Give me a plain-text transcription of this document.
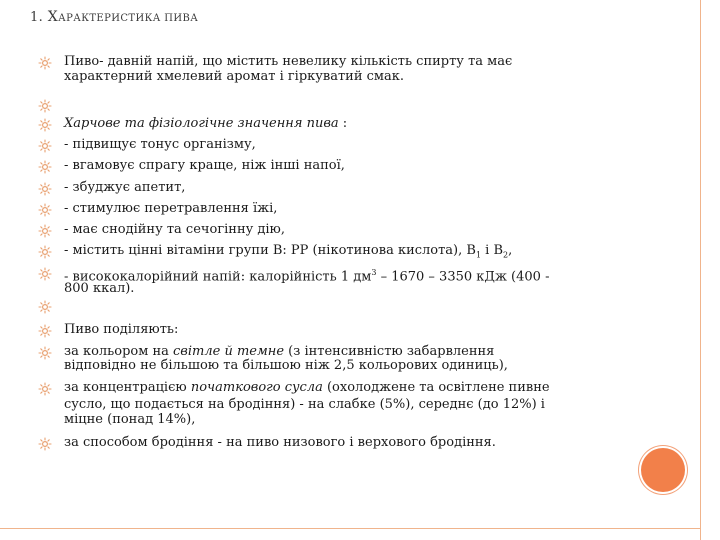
1. ХАРАКТЕРИСТИКА ПИВА
Пиво- давній напій, що містить невелику кількість спирту та має
характерний хмелевий аромат і гіркуватий смак.
Харчове та фізіологічне значення пива :
- підвищує тонус організму,
- вгамовує спрагу краще, ніж інші напої,
- збуджує апетит,
- стимулює перетравлення їжі,
- має снодійну та сечогінну дію,
- містить цінні вітаміни групи В: РР (нікотинова кислота), $В_1$ і $В_2$,
- висококалорійний напій: калорійність 1 $дм^3 - 1670 - 3350$ кДж (400 -
800 ккал).
Пиво поділяють:
за кольором на світле й темне (з інтенсивністю забарвлення
відповідно не більшою та більшою ніж 2,5 кольорових одиниць),
за концентрацією початкового сусла (охолоджене та освітлене пивне
сусло, що подається на бродіння) - на слабке (5%), середнє (до 12%) і
міцне (понад 14%),
за способом бродіння - на пиво низового і верхового бродіння.
